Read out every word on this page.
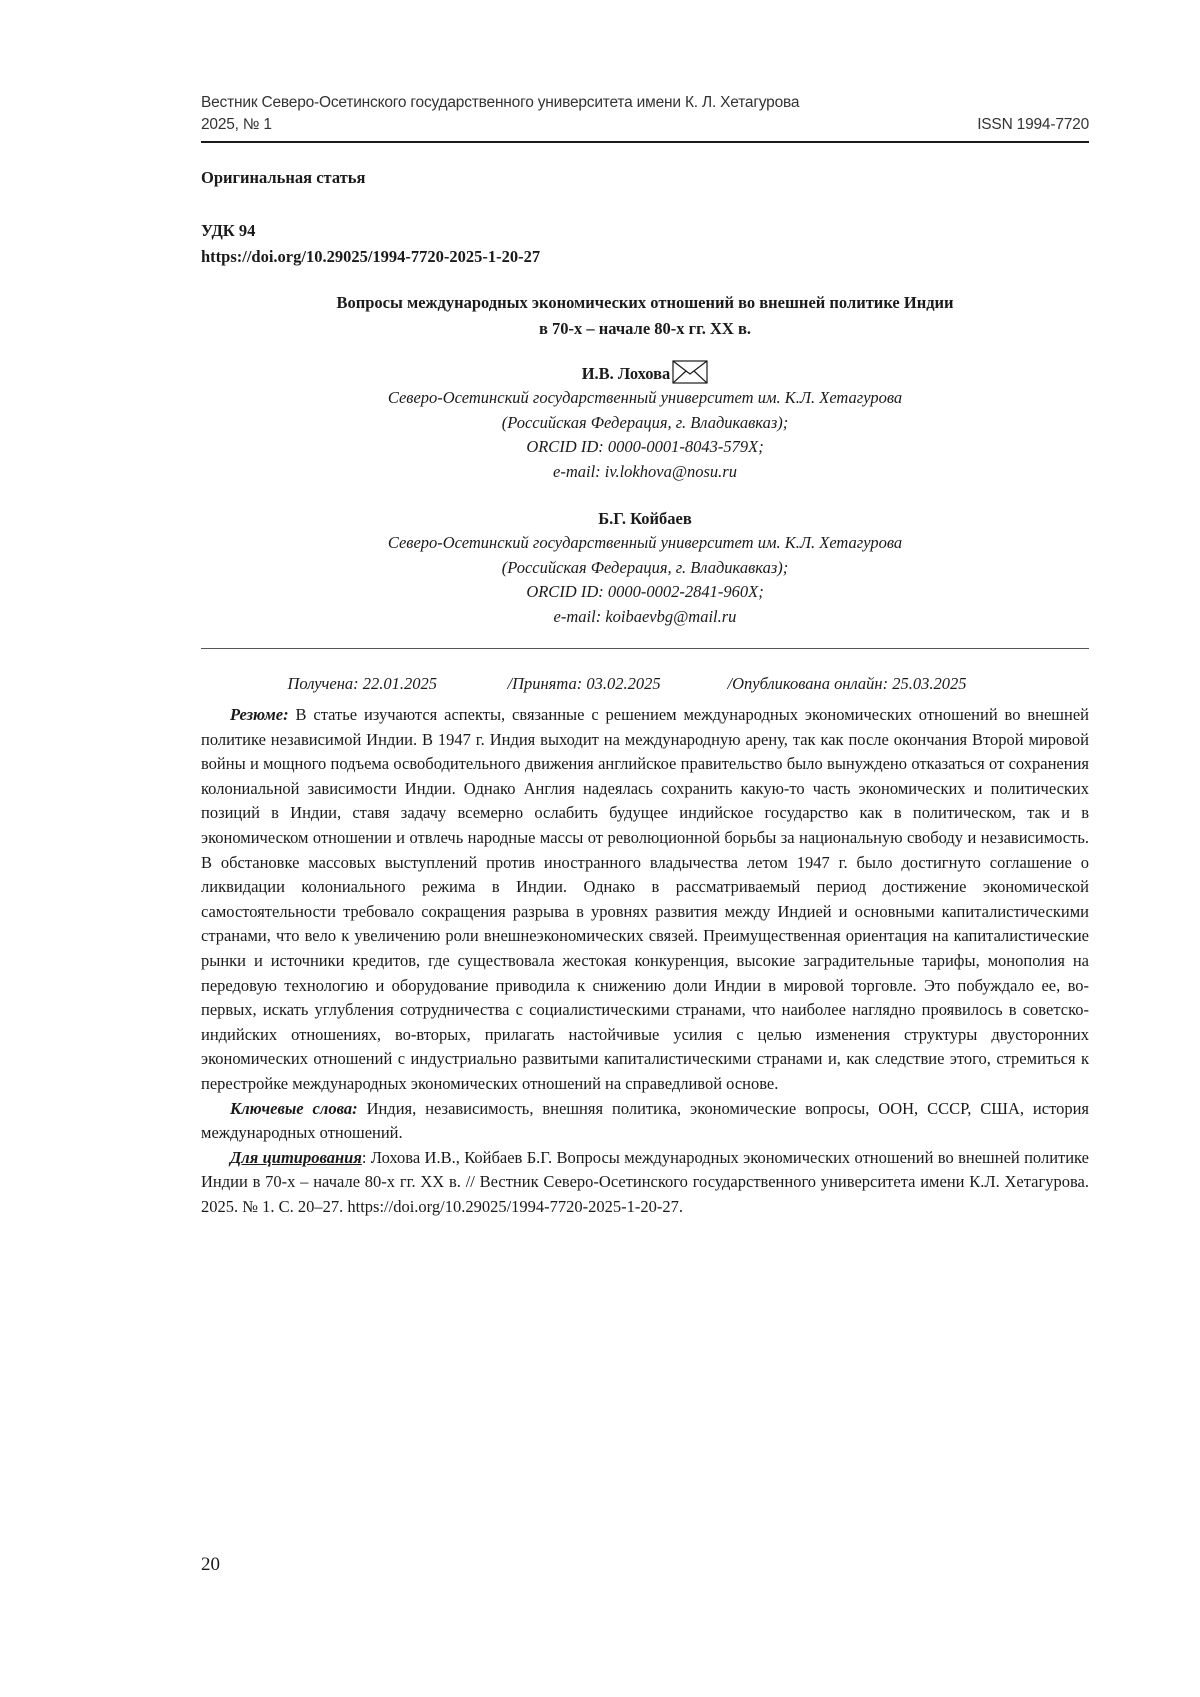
Вестник Северо-Осетинского государственного университета имени К. Л. Хетагурова
2025, № 1	ISSN 1994-7720
Оригинальная статья
УДК 94
https://doi.org/10.29025/1994-7720-2025-1-20-27
Вопросы международных экономических отношений во внешней политике Индии
в 70-х – начале 80-х гг. XX в.
И.В. Лохова
Северо-Осетинский государственный университет им. К.Л. Хетагурова
(Российская Федерация, г. Владикавказ);
ORCID ID: 0000-0001-8043-579X;
e-mail: iv.lokhova@nosu.ru
Б.Г. Койбаев
Северо-Осетинский государственный университет им. К.Л. Хетагурова
(Российская Федерация, г. Владикавказ);
ORCID ID: 0000-0002-2841-960X;
e-mail: koibaevbg@mail.ru

Получена: 22.01.2025	/Принята: 03.02.2025	/Опубликована онлайн: 25.03.2025

Резюме: В статье изучаются аспекты, связанные с решением международных экономических отношений во внешней политике независимой Индии. В 1947 г. Индия выходит на международную арену, так как после окончания Второй мировой войны и мощного подъема освободительного движения английское правительство было вынуждено отказаться от сохранения колониальной зависимости Индии. Однако Англия надеялась сохранить какую-то часть экономических и политических позиций в Индии, ставя задачу всемерно ослабить будущее индийское государство как в политическом, так и в экономическом отношении и отвлечь народные массы от революционной борьбы за национальную свободу и независимость. В обстановке массовых выступлений против иностранного владычества летом 1947 г. было достигнуто соглашение о ликвидации колониального режима в Индии. Однако в рассматриваемый период достижение экономической самостоятельности требовало сокращения разрыва в уровнях развития между Индией и основными капиталистическими странами, что вело к увеличению роли внешнеэкономических связей. Преимущественная ориентация на капиталистические рынки и источники кредитов, где существовала жестокая конкуренция, высокие заградительные тарифы, монополия на передовую технологию и оборудование приводила к снижению доли Индии в мировой торговле. Это побуждало ее, во-первых, искать углубления сотрудничества с социалистическими странами, что наиболее наглядно проявилось в советско-индийских отношениях, во-вторых, прилагать настойчивые усилия с целью изменения структуры двусторонних экономических отношений с индустриально развитыми капиталистическими странами и, как следствие этого, стремиться к перестройке международных экономических отношений на справедливой основе.

Ключевые слова: Индия, независимость, внешняя политика, экономические вопросы, ООН, СССР, США, история международных отношений.

Для цитирования: Лохова И.В., Койбаев Б.Г. Вопросы международных экономических отношений во внешней политике Индии в 70-х – начале 80-х гг. XX в. // Вестник Северо-Осетинского государственного университета имени К.Л. Хетагурова. 2025. № 1. С. 20–27. https://doi.org/10.29025/1994-7720-2025-1-20-27.

20
